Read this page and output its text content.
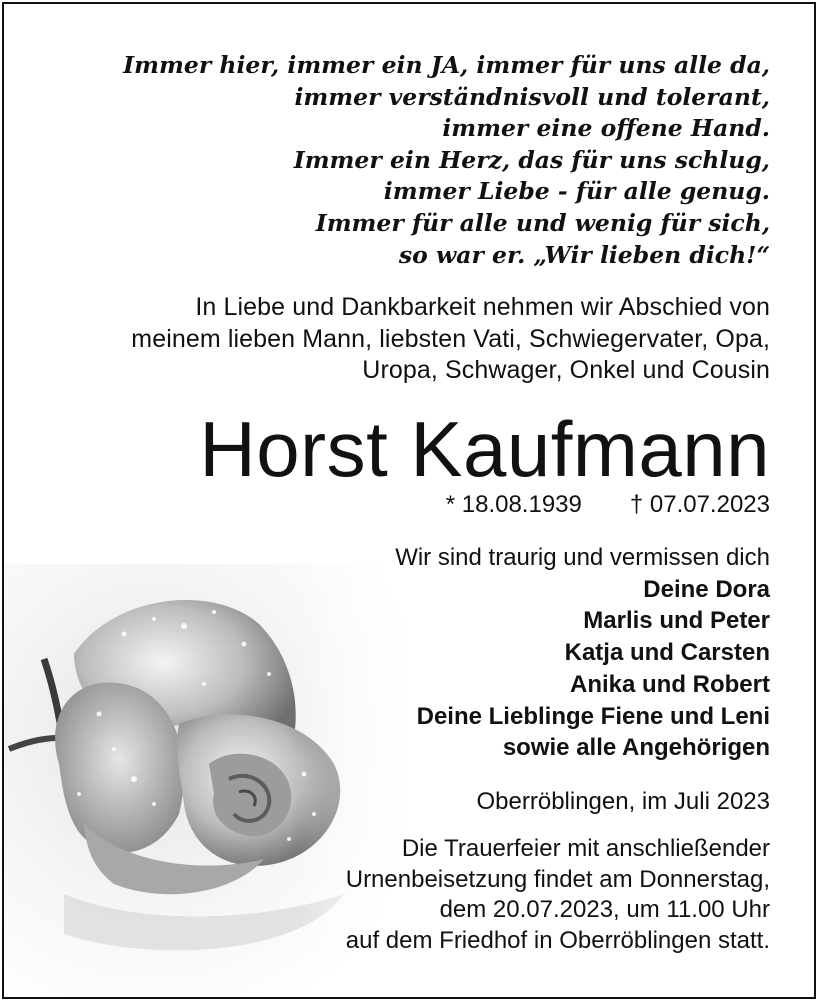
Immer hier, immer ein JA, immer für uns alle da,
immer verständnisvoll und tolerant,
immer eine offene Hand.
Immer ein Herz, das für uns schlug,
immer Liebe - für alle genug.
Immer für alle und wenig für sich,
so war er. „Wir lieben dich!“
In Liebe und Dankbarkeit nehmen wir Abschied von
meinem lieben Mann, liebsten Vati, Schwiegervater, Opa,
Uropa, Schwager, Onkel und Cousin
Horst Kaufmann
* 18.08.1939 † 07.07.2023
Wir sind traurig und vermissen dich
Deine Dora
Marlis und Peter
Katja und Carsten
Anika und Robert
Deine Lieblinge Fiene und Leni
sowie alle Angehörigen
Oberröblingen, im Juli 2023
Die Trauerfeier mit anschließender
Urnenbeisetzung findet am Donnerstag,
dem 20.07.2023, um 11.00 Uhr
auf dem Friedhof in Oberröblingen statt.
